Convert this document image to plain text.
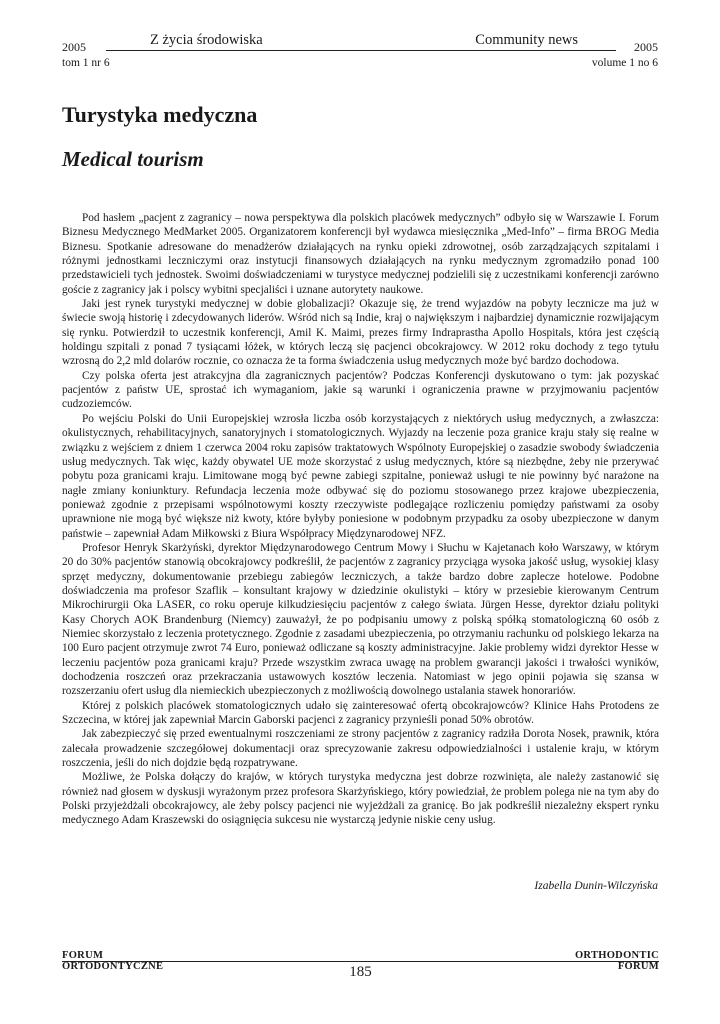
2005	Z życia środowiska	Community news	2005
tom 1 nr 6	volume 1 no 6
Turystyka medyczna
Medical tourism

Pod hasłem „pacjent z zagranicy – nowa perspektywa dla polskich placówek medycznych” odbyło się w Warszawie I. Forum Biznesu Medycznego MedMarket 2005. Organizatorem konferencji był wydawca miesięcznika „Med-Info” – firma BROG Media Biznesu. Spotkanie adresowane do menadżerów działających na rynku opieki zdrowotnej, osób zarządzających szpitalami i różnymi jednostkami leczniczymi oraz instytucji finansowych działających na rynku medycznym zgromadziło ponad 100 przedstawicieli tych jednostek. Swoimi doświadczeniami w turystyce medycznej podzielili się z uczestnikami konferencji zarówno goście z zagranicy jak i polscy wybitni specjaliści i uznane autorytety naukowe.

Jaki jest rynek turystyki medycznej w dobie globalizacji? Okazuje się, że trend wyjazdów na pobyty lecznicze ma już w świecie swoją historię i zdecydowanych liderów. Wśród nich są Indie, kraj o największym i najbardziej dynamicznie rozwijającym się rynku. Potwierdził to uczestnik konferencji, Amil K. Maimi, prezes firmy Indraprastha Apollo Hospitals, która jest częścią holdingu szpitali z ponad 7 tysiącami łóżek, w których leczą się pacjenci obcokrajowcy. W 2012 roku dochody z tego tytułu wzrosną do 2,2 mld dolarów rocznie, co oznacza że ta forma świadczenia usług medycznych może być bardzo dochodowa.

Czy polska oferta jest atrakcyjna dla zagranicznych pacjentów? Podczas Konferencji dyskutowano o tym: jak pozyskać pacjentów z państw UE, sprostać ich wymaganiom, jakie są warunki i ograniczenia prawne w przyjmowaniu pacjentów cudzoziemców.

Po wejściu Polski do Unii Europejskiej wzrosła liczba osób korzystających z niektórych usług medycznych, a zwłaszcza: okulistycznych, rehabilitacyjnych, sanatoryjnych i stomatologicznych. Wyjazdy na leczenie poza granice kraju stały się realne w związku z wejściem z dniem 1 czerwca 2004 roku zapisów traktatowych Wspólnoty Europejskiej o zasadzie swobody świadczenia usług medycznych. Tak więc, każdy obywatel UE może skorzystać z usług medycznych, które są niezbędne, żeby nie przerywać pobytu poza granicami kraju. Limitowane mogą być pewne zabiegi szpitalne, ponieważ usługi te nie powinny być narażone na nagłe zmiany koniunktury. Refundacja leczenia może odbywać się do poziomu stosowanego przez krajowe ubezpieczenia, ponieważ zgodnie z przepisami wspólnotowymi koszty rzeczywiste podlegające rozliczeniu pomiędzy państwami za osoby uprawnione nie mogą być większe niż kwoty, które byłyby poniesione w podobnym przypadku za osoby ubezpieczone w danym państwie – zapewniał Adam Miłkowski z Biura Współpracy Międzynarodowej NFZ.

Profesor Henryk Skarżyński, dyrektor Międzynarodowego Centrum Mowy i Słuchu w Kajetanach koło Warszawy, w którym 20 do 30% pacjentów stanowią obcokrajowcy podkreślił, że pacjentów z zagranicy przyciąga wysoka jakość usług, wysokiej klasy sprzęt medyczny, dokumentowanie przebiegu zabiegów leczniczych, a także bardzo dobre zaplecze hotelowe. Podobne doświadczenia ma profesor Szaflik – konsultant krajowy w dziedzinie okulistyki – który w przesiebie kierowanym Centrum Mikrochirurgii Oka LASER, co roku operuje kilkudziesięciu pacjentów z całego świata. Jürgen Hesse, dyrektor działu polityki Kasy Chorych AOK Brandenburg (Niemcy) zauważył, że po podpisaniu umowy z polską spółką stomatologiczną 60 osób z Niemiec skorzystało z leczenia protetycznego. Zgodnie z zasadami ubezpieczenia, po otrzymaniu rachunku od polskiego lekarza na 100 Euro pacjent otrzymuje zwrot 74 Euro, ponieważ odliczane są koszty administracyjne. Jakie problemy widzi dyrektor Hesse w leczeniu pacjentów poza granicami kraju? Przede wszystkim zwraca uwagę na problem gwarancji jakości i trwałości wyników, dochodzenia roszczeń oraz przekraczania ustawowych kosztów leczenia. Natomiast w jego opinii pojawia się szansa w rozszerzaniu ofert usług dla niemieckich ubezpieczonych z możliwością dowolnego ustalania stawek honorariów.

Której z polskich placówek stomatologicznych udało się zainteresować ofertą obcokrajowców? Klinice Hahs Protodens ze Szczecina, w której jak zapewniał Marcin Gaborski pacjenci z zagranicy przynieśli ponad 50% obrotów.

Jak zabezpieczyć się przed ewentualnymi roszczeniami ze strony pacjentów z zagranicy radziła Dorota Nosek, prawnik, która zalecała prowadzenie szczegółowej dokumentacji oraz sprecyzowanie zakresu odpowiedzialności i ustalenie kraju, w którym roszczenia, jeśli do nich dojdzie będą rozpatrywane.

Możliwe, że Polska dołączy do krajów, w których turystyka medyczna jest dobrze rozwinięta, ale należy zastanowić się również nad głosem w dyskusji wyrażonym przez profesora Skarżyńskiego, który powiedział, że problem polega nie na tym aby do Polski przyjeżdżali obcokrajowcy, ale żeby polscy pacjenci nie wyjeżdżali za granicę. Bo jak podkreślił niezależny ekspert rynku medycznego Adam Kraszewski do osiągnięcia sukcesu nie wystarczą jedynie niskie ceny usług.

Izabella Dunin-Wilczyńska
FORUM
ORTODONTYCZNE	185
ORTHODONTIC
FORUM
